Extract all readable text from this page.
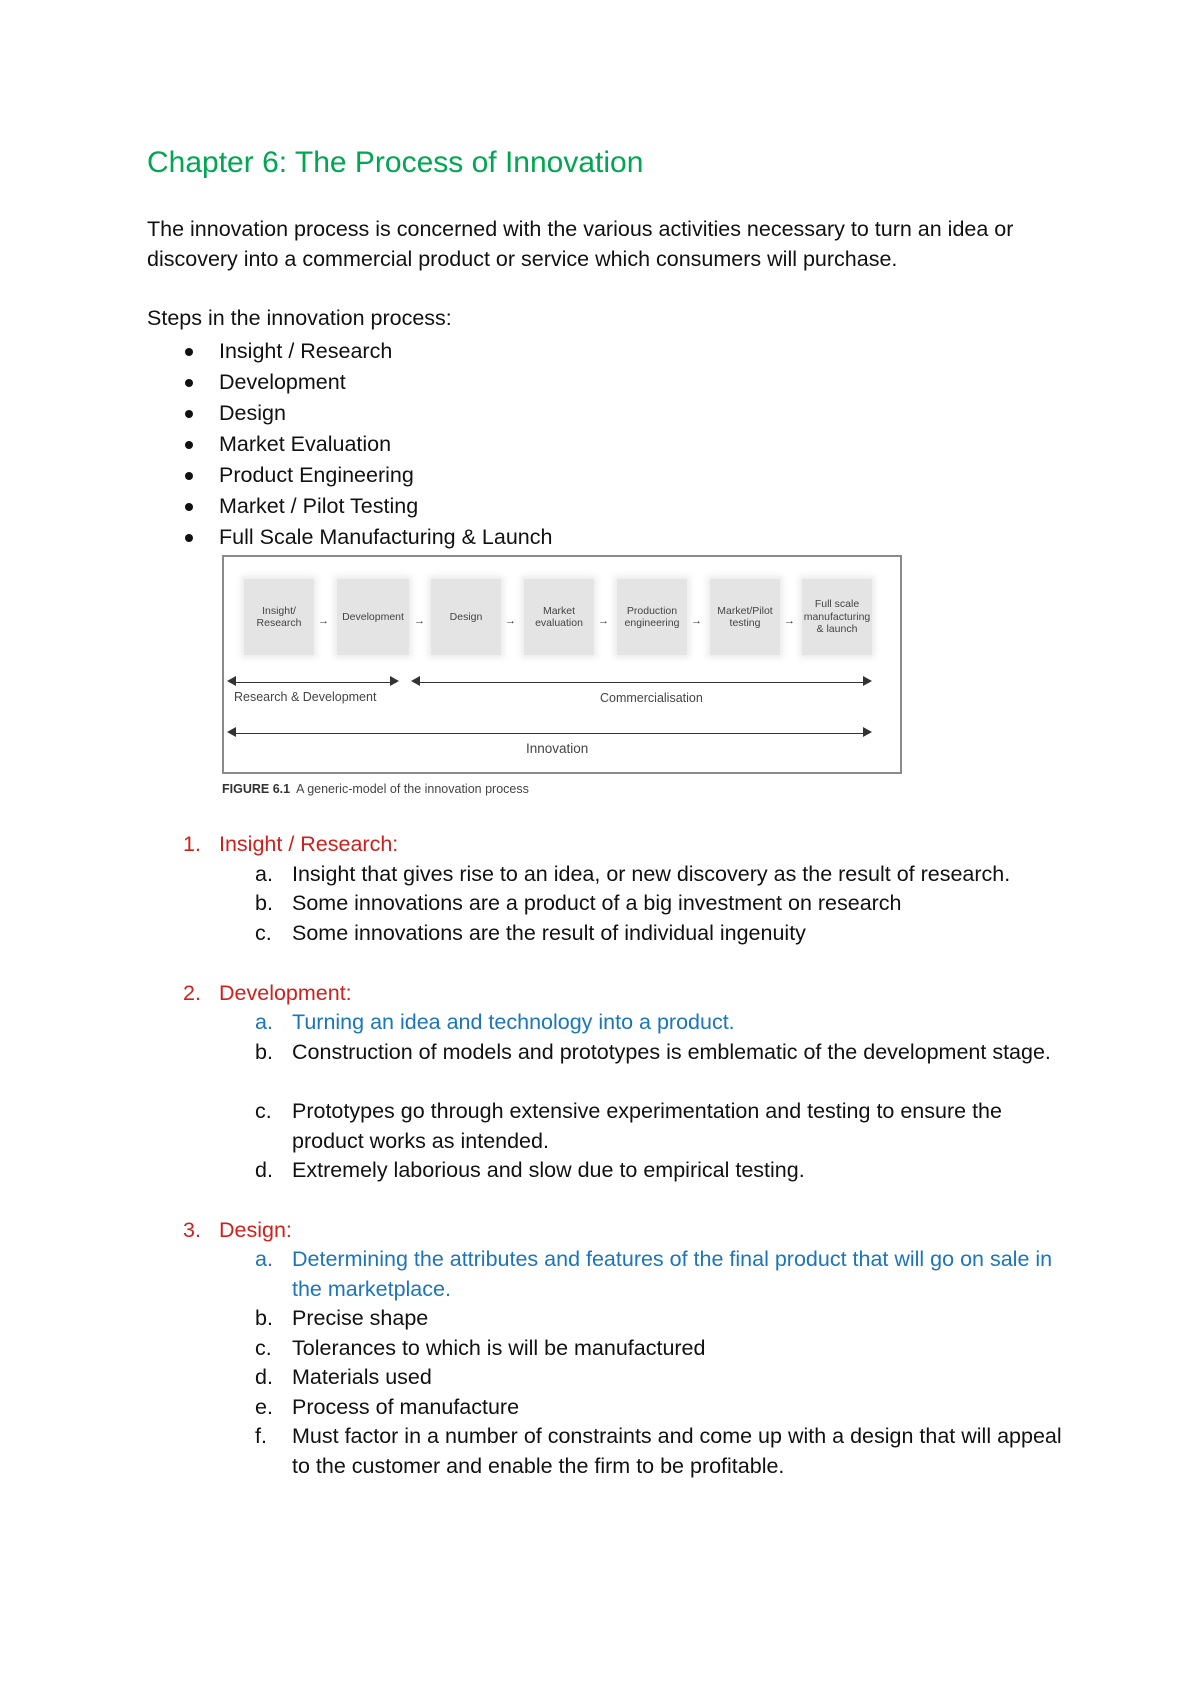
Chapter 6: The Process of Innovation
The innovation process is concerned with the various activities necessary to turn an idea or discovery into a commercial product or service which consumers will purchase.
Steps in the innovation process:
Insight / Research
Development
Design
Market Evaluation
Product Engineering
Market / Pilot Testing
Full Scale Manufacturing & Launch
Insight/
Research → Development → Design →
Market
evaluation →
Production
engineering →
Market/Pilot
testing	→
Full scale
manufacturing
& launch
Research & Development	Commercialisation
Innovation
FIGURE 6.1 A generic-model of the innovation process
1. Insight / Research:
a. Insight that gives rise to an idea, or new discovery as the result of research.
b. Some innovations are a product of a big investment on research
c. Some innovations are the result of individual ingenuity
2. Development:
a. Turning an idea and technology into a product.
b. Construction of models and prototypes is emblematic of the development stage.
c. Prototypes go through extensive experimentation and testing to ensure the product works as intended.
d. Extremely laborious and slow due to empirical testing.
3. Design:
a. Determining the attributes and features of the final product that will go on sale in the marketplace.
b. Precise shape
c. Tolerances to which is will be manufactured
d. Materials used
e. Process of manufacture
f.	Must factor in a number of constraints and come up with a design that will appeal to the customer and enable the firm to be profitable.
